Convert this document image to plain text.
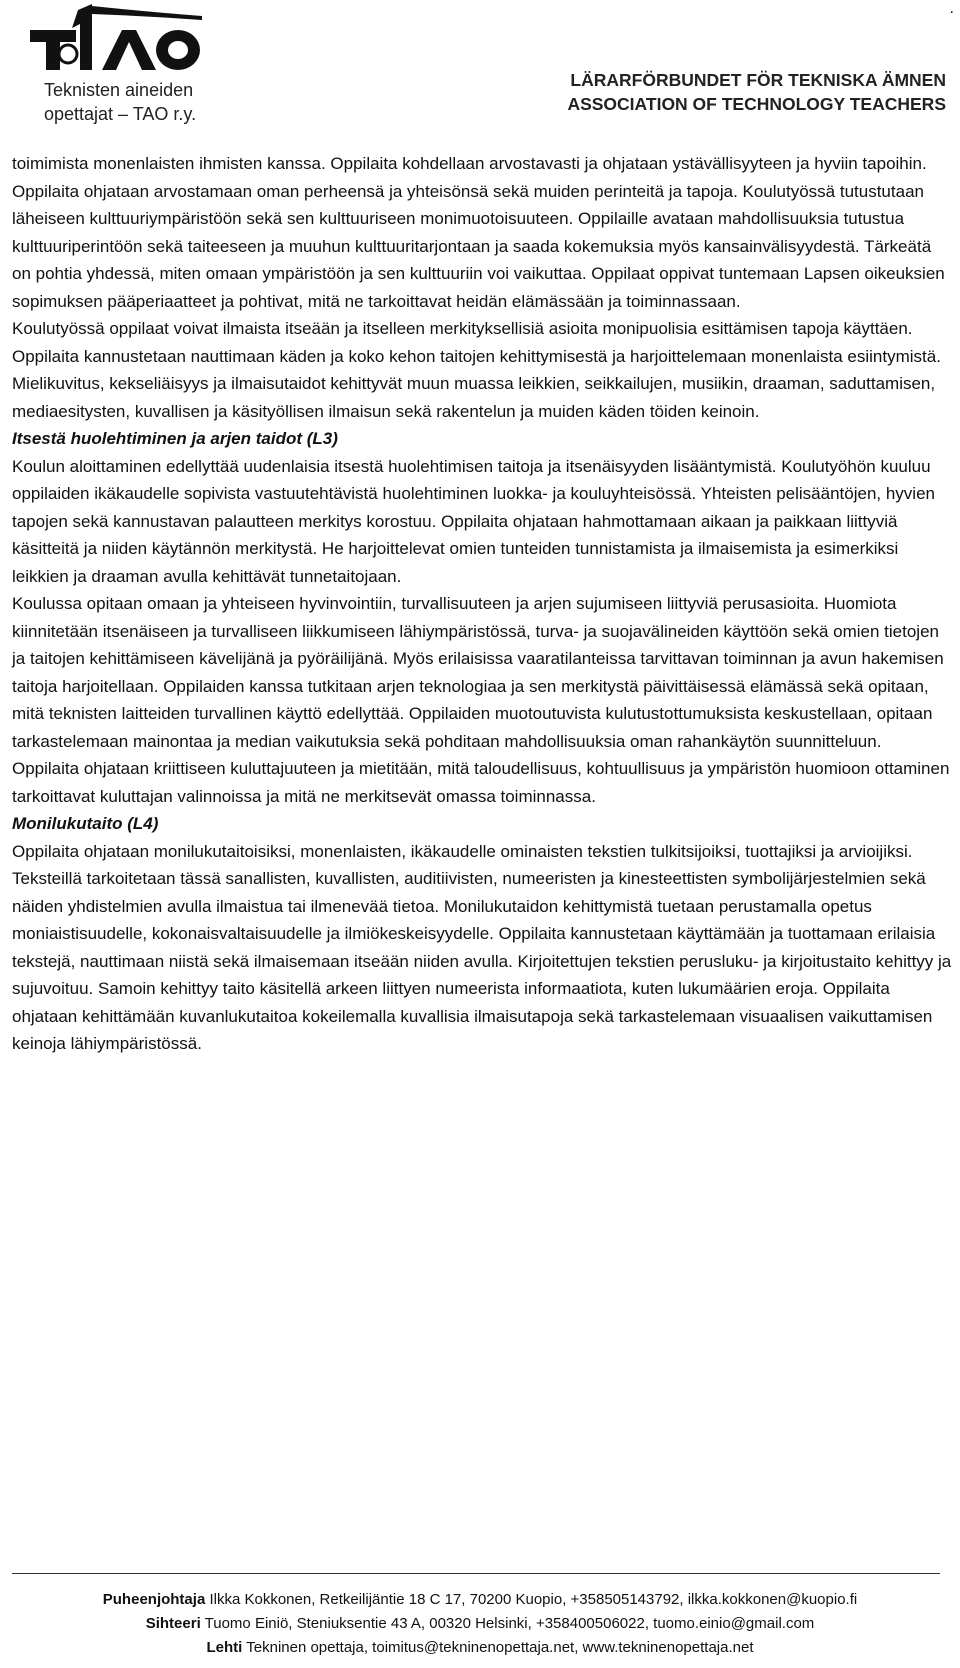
.
Teknisten aineiden
opettajat – TAO r.y.
LÄRARFÖRBUNDET FÖR TEKNISKA ÄMNEN
ASSOCIATION OF TECHNOLOGY TEACHERS

toimimista monenlaisten ihmisten kanssa. Oppilaita kohdellaan arvostavasti ja ohjataan ystävällisyyteen ja hyviin tapoihin.

Oppilaita ohjataan arvostamaan oman perheensä ja yhteisönsä sekä muiden perinteitä ja tapoja. Koulutyössä tutustutaan läheiseen kulttuuriympäristöön sekä sen kulttuuriseen monimuotoisuuteen. Oppilaille avataan mahdollisuuksia tutustua kulttuuriperintöön sekä taiteeseen ja muuhun kulttuuritarjontaan ja saada kokemuksia myös kansainvälisyydestä. Tärkeätä on pohtia yhdessä, miten omaan ympäristöön ja sen kulttuuriin voi vaikuttaa. Oppilaat oppivat tuntemaan Lapsen oikeuksien sopimuksen pääperiaatteet ja pohtivat, mitä ne tarkoittavat heidän elämässään ja toiminnassaan.

Koulutyössä oppilaat voivat ilmaista itseään ja itselleen merkityksellisiä asioita monipuolisia esittämisen tapoja käyttäen. Oppilaita kannustetaan nauttimaan käden ja koko kehon taitojen kehittymisestä ja harjoittelemaan monenlaista esiintymistä. Mielikuvitus, kekseliäisyys ja ilmaisutaidot kehittyvät muun muassa leikkien, seikkailujen, musiikin, draaman, saduttamisen, mediaesitysten, kuvallisen ja käsityöllisen ilmaisun sekä rakentelun ja muiden käden töiden keinoin.

Itsestä huolehtiminen ja arjen taidot (L3)

Koulun aloittaminen edellyttää uudenlaisia itsestä huolehtimisen taitoja ja itsenäisyyden lisääntymistä. Koulutyöhön kuuluu oppilaiden ikäkaudelle sopivista vastuutehtävistä huolehtiminen luokka- ja kouluyhteisössä. Yhteisten pelisääntöjen, hyvien tapojen sekä kannustavan palautteen merkitys korostuu. Oppilaita ohjataan hahmottamaan aikaan ja paikkaan liittyviä käsitteitä ja niiden käytännön merkitystä. He harjoittelevat omien tunteiden tunnistamista ja ilmaisemista ja esimerkiksi leikkien ja draaman avulla kehittävät tunnetaitojaan.

Koulussa opitaan omaan ja yhteiseen hyvinvointiin, turvallisuuteen ja arjen sujumiseen liittyviä perusasioita. Huomiota kiinnitetään itsenäiseen ja turvalliseen liikkumiseen lähiympäristössä, turva- ja suojavälineiden käyttöön sekä omien tietojen ja taitojen kehittämiseen kävelijänä ja pyöräilijänä. Myös erilaisissa vaaratilanteissa tarvittavan toiminnan ja avun hakemisen taitoja harjoitellaan. Oppilaiden kanssa tutkitaan arjen teknologiaa ja sen merkitystä päivittäisessä elämässä sekä opitaan, mitä teknisten laitteiden turvallinen käyttö edellyttää. Oppilaiden muotoutuvista kulutustottumuksista keskustellaan, opitaan tarkastelemaan mainontaa ja median vaikutuksia sekä pohditaan mahdollisuuksia oman rahankäytön suunnitteluun. Oppilaita ohjataan kriittiseen kuluttajuuteen ja mietitään, mitä taloudellisuus, kohtuullisuus ja ympäristön huomioon ottaminen tarkoittavat kuluttajan valinnoissa ja mitä ne merkitsevät omassa toiminnassa.

Monilukutaito (L4)

Oppilaita ohjataan monilukutaitoisiksi, monenlaisten, ikäkaudelle ominaisten tekstien tulkitsijoiksi, tuottajiksi ja arvioijiksi. Teksteillä tarkoitetaan tässä sanallisten, kuvallisten, auditiivisten, numeeristen ja kinesteettisten symbolijärjestelmien sekä näiden yhdistelmien avulla ilmaistua tai ilmenevää tietoa. Monilukutaidon kehittymistä tuetaan perustamalla opetus moniaistisuudelle, kokonaisvaltaisuudelle ja ilmiökeskeisyydelle. Oppilaita kannustetaan käyttämään ja tuottamaan erilaisia tekstejä, nauttimaan niistä sekä ilmaisemaan itseään niiden avulla. Kirjoitettujen tekstien perusluku- ja kirjoitustaito kehittyy ja sujuvoituu. Samoin kehittyy taito käsitellä arkeen liittyen numeerista informaatiota, kuten lukumäärien eroja. Oppilaita ohjataan kehittämään kuvanlukutaitoa kokeilemalla kuvallisia ilmaisutapoja sekä tarkastelemaan visuaalisen vaikuttamisen keinoja lähiympäristössä.

Puheenjohtaja Ilkka Kokkonen, Retkeilijäntie 18 C 17, 70200 Kuopio, +358505143792, ilkka.kokkonen@kuopio.fi
Sihteeri Tuomo Einiö, Steniuksentie 43 A, 00320 Helsinki, +358400506022, tuomo.einio@gmail.com
Lehti Tekninen opettaja, toimitus@tekninenopettaja.net, www.tekninenopettaja.net
